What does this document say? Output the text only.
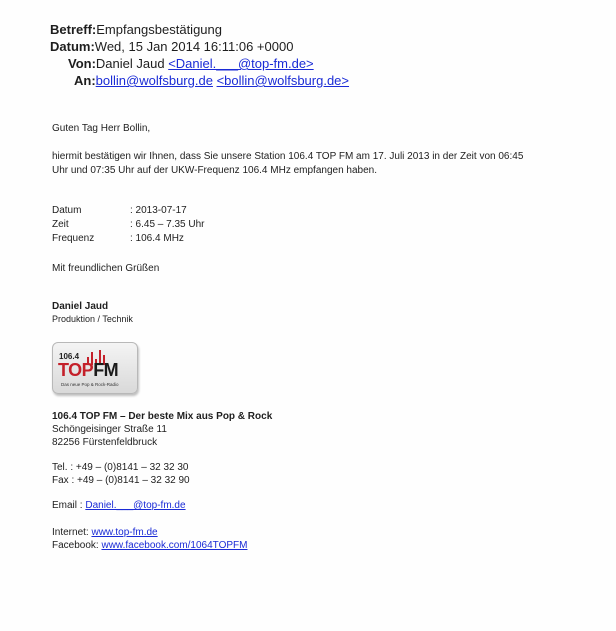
Betreff:Empfangsbestätigung
Datum:Wed, 15 Jan 2014 16:11:06 +0000
Von:Daniel Jaud <Daniel.___@top-fm.de>
An:bollin@wolfsburg.de <bollin@wolfsburg.de>
Guten Tag Herr Bollin,
hiermit bestätigen wir Ihnen, dass Sie unsere Station 106.4 TOP FM am 17. Juli 2013 in der Zeit von 06:45
Uhr und 07:35 Uhr auf der UKW-Frequenz 106.4 MHz empfangen haben.
Datum	: 2013-07-17
Zeit	: 6.45 – 7.35 Uhr
Frequenz	: 106.4 MHz
Mit freundlichen Grüßen
Daniel Jaud
Produktion / Technik
106.4
TOPFM
Das neue Pop & Rock-Radio
106.4 TOP FM – Der beste Mix aus Pop & Rock
Schöngeisinger Straße 11
82256 Fürstenfeldbruck
Tel. : +49 – (0)8141 – 32 32 30
Fax : +49 – (0)8141 – 32 32 90
Email : Daniel.___@top-fm.de
Internet: www.top-fm.de
Facebook: www.facebook.com/1064TOPFM
